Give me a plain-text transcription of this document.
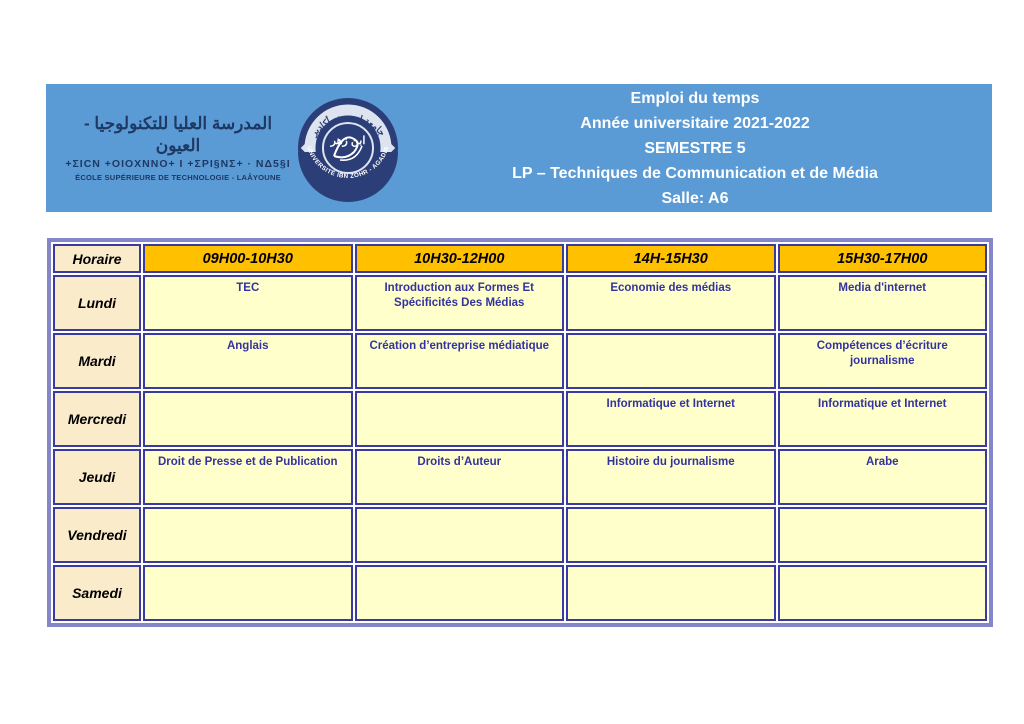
المدرسة العليا للتكنولوجيا - العيون
+ΣΙCΝ +ΟΙΟΧΝΝΟ+ Ι +ΣΡΙ§ΝΣ+ · ΝΔ5§Ι
ÉCOLE SUPÉRIEURE DE TECHNOLOGIE - LAÂYOUNE
ابن زهر
جامعة ابن زهر أكادير
UNIVERSITÉ IBN ZOHR - AGADIR
Emploi du temps
Année universitaire 2021-2022
SEMESTRE 5
LP – Techniques de Communication et de Média
Salle: A6
Horaire	09H00-10H30	10H30-12H00	14H-15H30	15H30-17H00
Lundi	TEC	Introduction aux Formes Et Spécificités Des Médias	Economie des médias	Media d'internet
Mardi	Anglais	Création d’entreprise médiatique		Compétences d’écriture journalisme
Mercredi			Informatique et Internet	Informatique et Internet
Jeudi	Droit de Presse et de Publication	Droits d’Auteur	Histoire du journalisme	Arabe
Vendredi				
Samedi				
